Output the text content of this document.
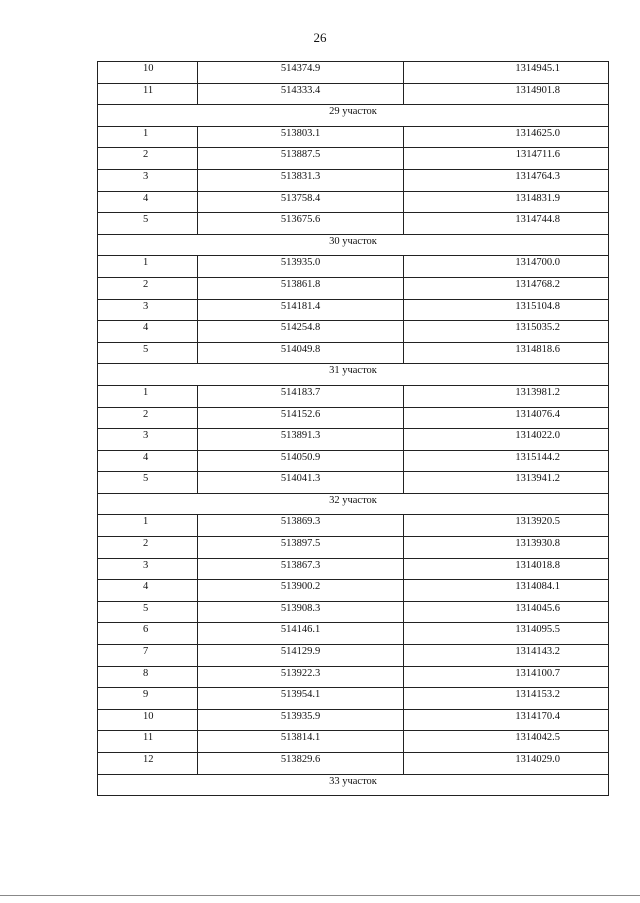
26
10	514374.9	1314945.1
11	514333.4	1314901.8
29 участок		
1	513803.1	1314625.0
2	513887.5	1314711.6
3	513831.3	1314764.3
4	513758.4	1314831.9
5	513675.6	1314744.8
30 участок		
1	513935.0	1314700.0
2	513861.8	1314768.2
3	514181.4	1315104.8
4	514254.8	1315035.2
5	514049.8	1314818.6
31 участок		
1	514183.7	1313981.2
2	514152.6	1314076.4
3	513891.3	1314022.0
4	514050.9	1315144.2
5	514041.3	1313941.2
32 участок		
1	513869.3	1313920.5
2	513897.5	1313930.8
3	513867.3	1314018.8
4	513900.2	1314084.1
5	513908.3	1314045.6
6	514146.1	1314095.5
7	514129.9	1314143.2
8	513922.3	1314100.7
9	513954.1	1314153.2
10	513935.9	1314170.4
11	513814.1	1314042.5
12	513829.6	1314029.0
33 участок		
